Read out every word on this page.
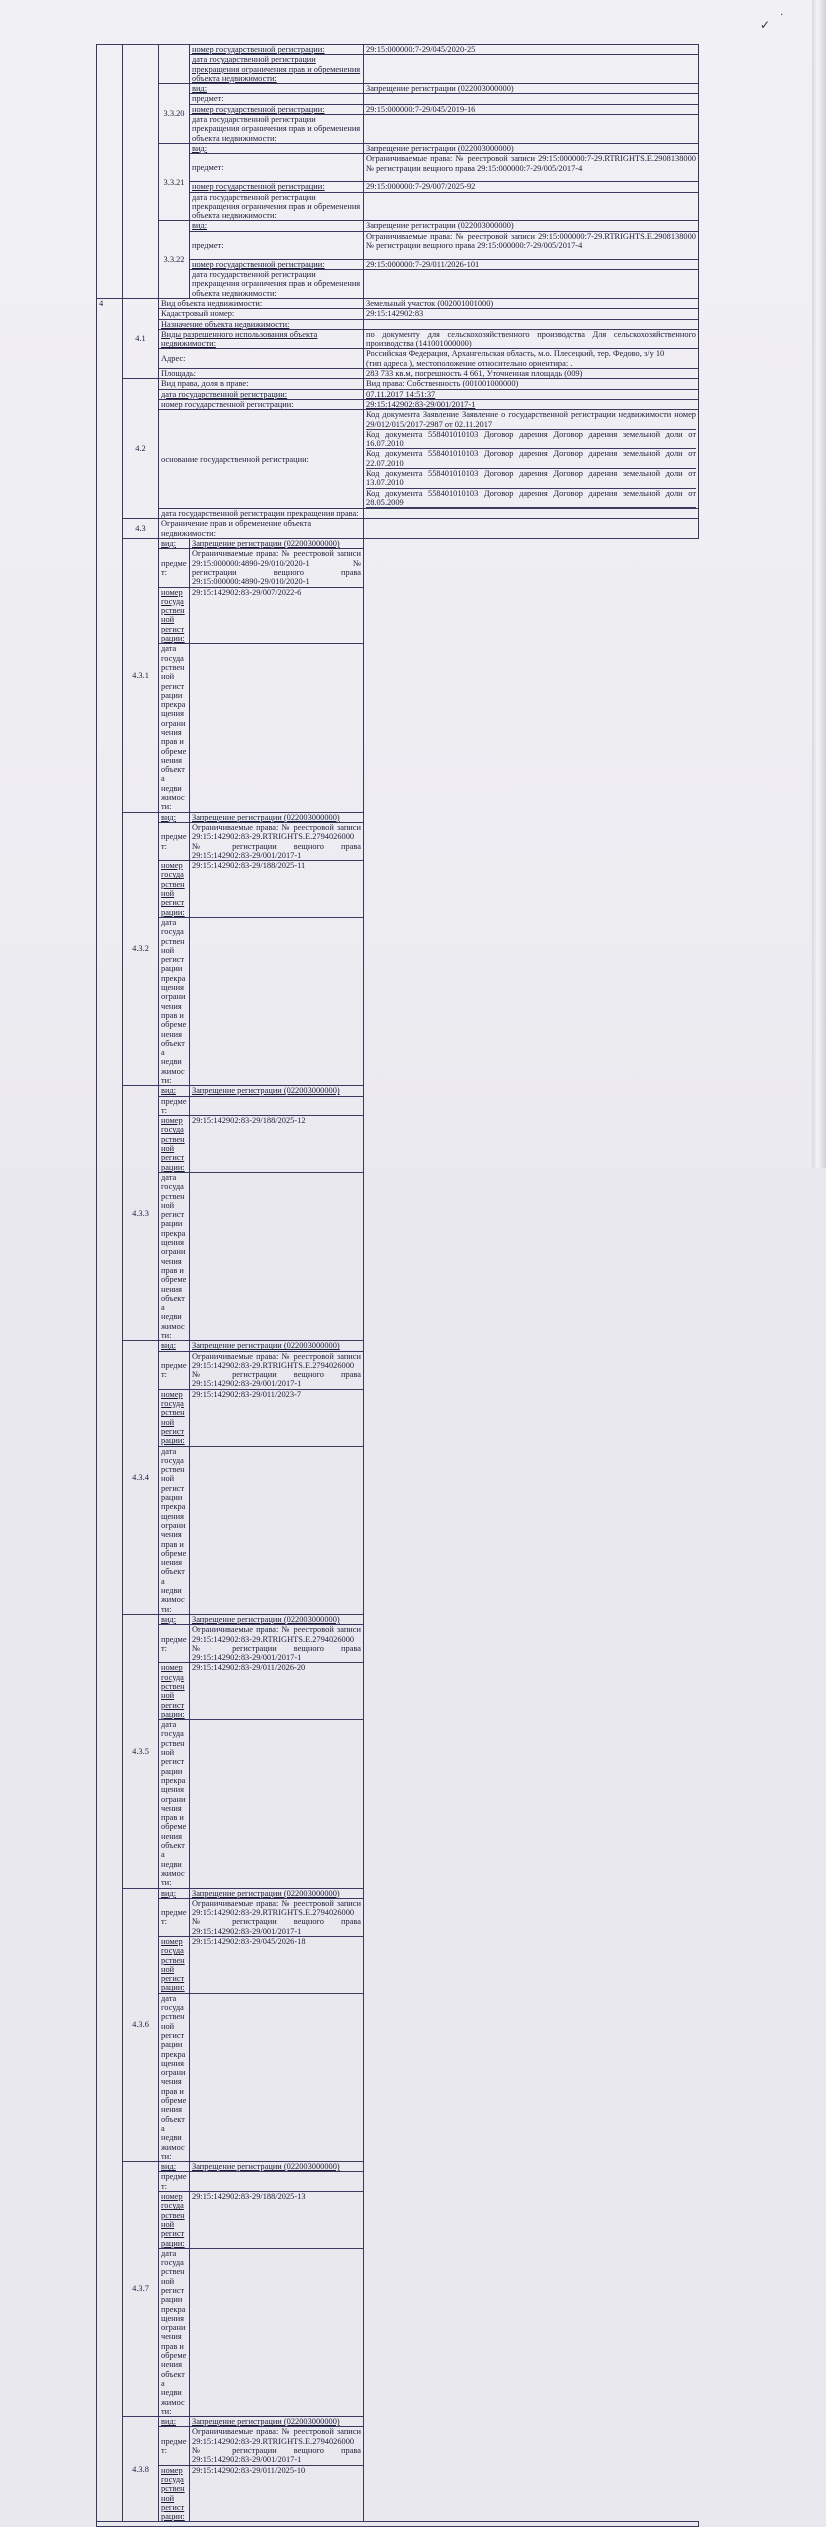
✓
·
			номер государственной регистрации:	29:15:000000:7-29/045/2020-25
			дата государственной регистрации прекращения ограничения прав и обременения объекта недвижимости:	
		3.3.20	вид:	Запрещение регистрации (022003000000)
			предмет:	
			номер государственной регистрации:	29:15:000000:7-29/045/2019-16
			дата государственной регистрации прекращения ограничения прав и обременения объекта недвижимости:	
		3.3.21	вид:	Запрещение регистрации (022003000000)
			предмет:	Ограничиваемые права: № реестровой записи 29:15:000000:7-29.RTRIGHTS.E.2908138000 № регистрации вещного права 29:15:000000:7-29/005/2017-4
			номер государственной регистрации:	29:15:000000:7-29/007/2025-92
			дата государственной регистрации прекращения ограничения прав и обременения объекта недвижимости:	
		3.3.22	вид:	Запрещение регистрации (022003000000)
			предмет:	Ограничиваемые права: № реестровой записи 29:15:000000:7-29.RTRIGHTS.E.2908138000 № регистрации вещного права 29:15:000000:7-29/005/2017-4
			номер государственной регистрации:	29:15:000000:7-29/011/2026-101
			дата государственной регистрации прекращения ограничения прав и обременения объекта недвижимости:	
4	4.1	Вид объекта недвижимости:		Земельный участок (002001001000)
		Кадастровый номер:		29:15:142902:83
		Назначение объекта недвижимости:		
		Виды разрешенного использования объекта недвижимости:		по документу для сельскохозяйственного производства Для сельскохозяйственного производства (141001000000)
		Адрес:		Российская Федерация, Архангельская область, м.о. Плесецкий, тер. Федово, з/у 10
(тип адреса ), местоположение относительно ориентира: .

		Площадь:		283 733 кв.м, погрешность 4 661, Уточненная площадь (009)
	4.2	Вид права, доля в праве:		Вид права: Собственность (001001000000)
		дата государственной регистрации:		07.11.2017 14:51:37
		номер государственной регистрации:		29:15:142902:83-29/001/2017-1
		основание государственной регистрации:		Код документа Заявление Заявление о государственной регистрации недвижимости номер 29/012/015/2017-2987 от 02.11.2017
Код документа 558401010103 Договор дарения Договор дарения земельной доли от 16.07.2010
Код документа 558401010103 Договор дарения Договор дарения земельной доли от 22.07.2010
Код документа 558401010103 Договор дарения Договор дарения земельной доли от 13.07.2010
Код документа 558401010103 Договор дарения Договор дарения земельной доли от 28.05.2009

		дата государственной регистрации прекращения права:		
	4.3	Ограничение прав и обременение объекта недвижимости:		
	4.3.1	вид:	Запрещение регистрации (022003000000)	
		предмет:	Ограничиваемые права: № реестровой записи 29:15:000000:4890-29/010/2020-1 № регистрации вещного права 29:15:000000:4890-29/010/2020-1	
		номер государственной регистрации:	29:15:142902:83-29/007/2022-6	
		дата государственной регистрации прекращения ограничения прав и обременения объекта недвижимости:		
	4.3.2	вид:	Запрещение регистрации (022003000000)	
		предмет:	Ограничиваемые права: № реестровой записи 29:15:142902:83-29.RTRIGHTS.E.2794026000 № регистрации вещного права 29:15:142902:83-29/001/2017-1	
		номер государственной регистрации:	29:15:142902:83-29/188/2025-11	
		дата государственной регистрации прекращения ограничения прав и обременения объекта недвижимости:		
	4.3.3	вид:	Запрещение регистрации (022003000000)	
		предмет:		
		номер государственной регистрации:	29:15:142902:83-29/188/2025-12	
		дата государственной регистрации прекращения ограничения прав и обременения объекта недвижимости:		
	4.3.4	вид:	Запрещение регистрации (022003000000)	
		предмет:	Ограничиваемые права: № реестровой записи 29:15:142902:83-29.RTRIGHTS.E.2794026000 № регистрации вещного права 29:15:142902:83-29/001/2017-1	
		номер государственной регистрации:	29:15:142902:83-29/011/2023-7	
		дата государственной регистрации прекращения ограничения прав и обременения объекта недвижимости:		
	4.3.5	вид:	Запрещение регистрации (022003000000)	
		предмет:	Ограничиваемые права: № реестровой записи 29:15:142902:83-29.RTRIGHTS.E.2794026000 № регистрации вещного права 29:15:142902:83-29/001/2017-1	
		номер государственной регистрации:	29:15:142902:83-29/011/2026-20	
		дата государственной регистрации прекращения ограничения прав и обременения объекта недвижимости:		
	4.3.6	вид:	Запрещение регистрации (022003000000)	
		предмет:	Ограничиваемые права: № реестровой записи 29:15:142902:83-29.RTRIGHTS.E.2794026000 № регистрации вещного права 29:15:142902:83-29/001/2017-1	
		номер государственной регистрации:	29:15:142902:83-29/045/2026-18	
		дата государственной регистрации прекращения ограничения прав и обременения объекта недвижимости:		
	4.3.7	вид:	Запрещение регистрации (022003000000)	
		предмет:		
		номер государственной регистрации:	29:15:142902:83-29/188/2025-13	
		дата государственной регистрации прекращения ограничения прав и обременения объекта недвижимости:		
	4.3.8	вид:	Запрещение регистрации (022003000000)	
		предмет:	Ограничиваемые права: № реестровой записи 29:15:142902:83-29.RTRIGHTS.E.2794026000 № регистрации вещного права 29:15:142902:83-29/001/2017-1	
		номер государственной регистрации:	29:15:142902:83-29/011/2025-10	
